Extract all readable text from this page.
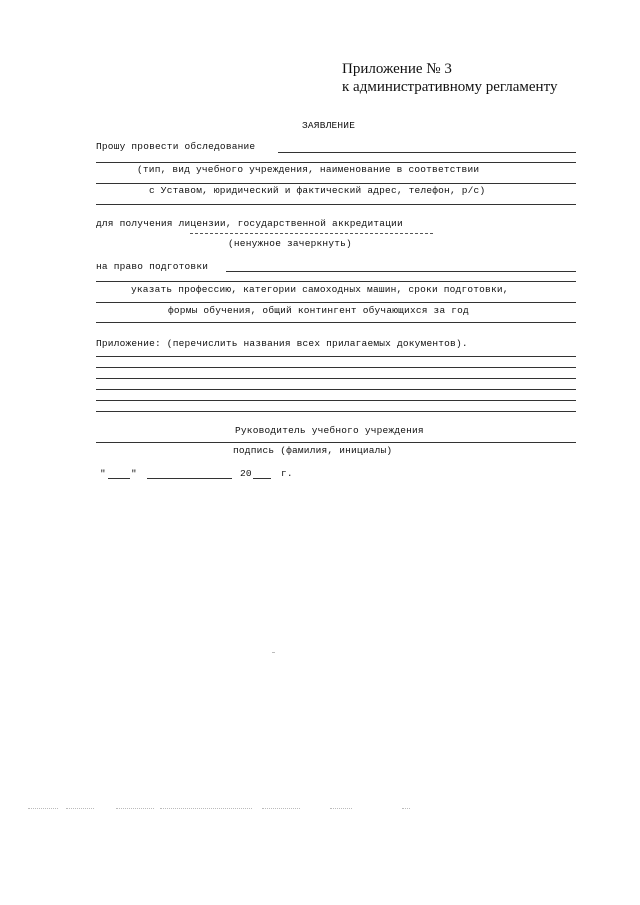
Приложение № 3
к административному регламенту
ЗАЯВЛЕНИЕ
Прошу провести обследование
(тип, вид учебного учреждения, наименование в соответствии
с Уставом, юридический и фактический адрес, телефон, р/с)
для получения лицензии, государственной аккредитации
(ненужное зачеркнуть)
на право подготовки
указать профессию, категории самоходных машин, сроки подготовки,
формы обучения, общий контингент обучающихся за год
Приложение: (перечислить названия всех прилагаемых документов).
Руководитель учебного учреждения
подпись (фамилия, инициалы)
"	"	20	г.
